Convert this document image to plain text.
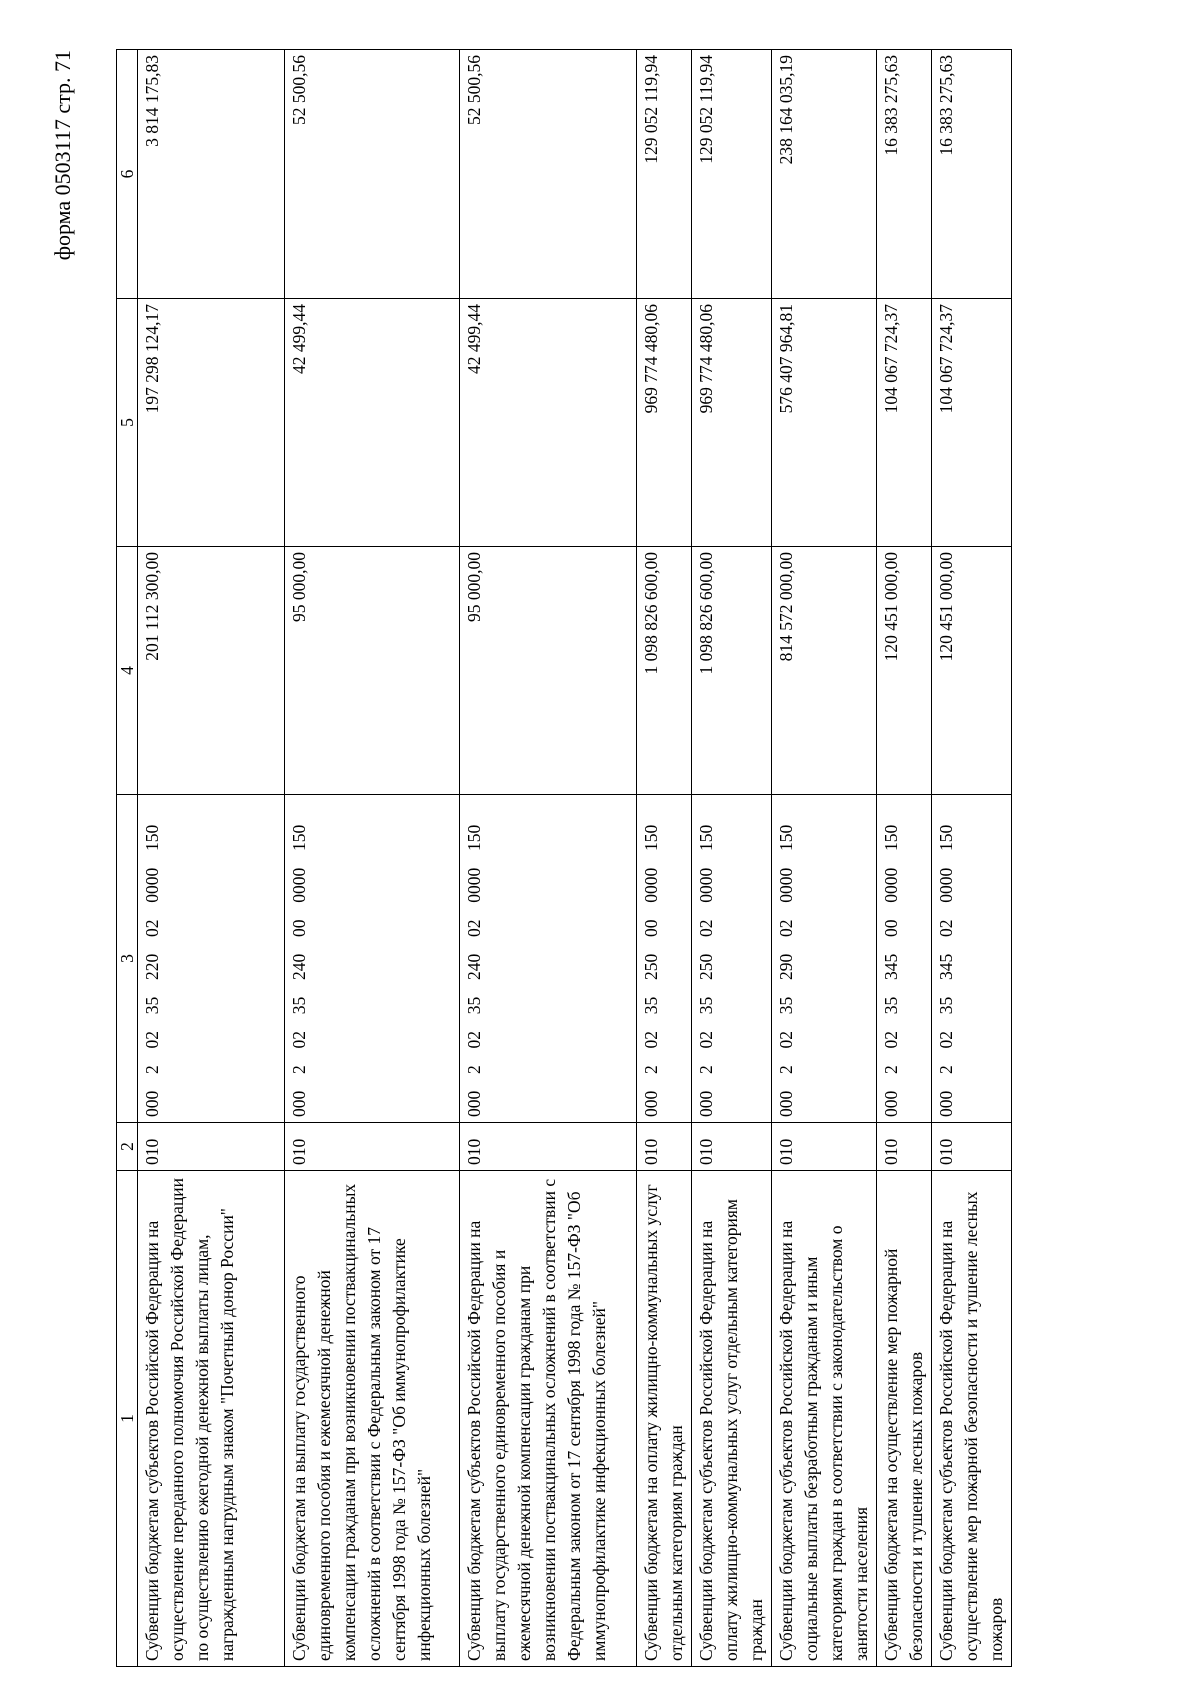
форма 0503117 стр. 71
1	2	3	4	5	6
Субвенции бюджетам субъектов Российской Федерации на осуществление переданного полномочия Российской Федерации по осуществлению ежегодной денежной выплаты лицам, награжденным нагрудным знаком "Почетный донор России"	010	000  2  02  35  220  02  0000  150	201 112 300,00	197 298 124,17	3 814 175,83
Субвенции бюджетам на выплату государственного единовременного пособия и ежемесячной денежной компенсации гражданам при возникновении поствакцинальных осложнений в соответствии с Федеральным законом от 17 сентября 1998 года № 157-ФЗ "Об иммунопрофилактике инфекционных болезней"	010	000  2  02  35  240  00  0000  150	95 000,00	42 499,44	52 500,56
Субвенции бюджетам субъектов Российской Федерации на выплату государственного единовременного пособия и ежемесячной денежной компенсации гражданам при возникновении поствакцинальных осложнений в соответствии с Федеральным законом от 17 сентября 1998 года № 157-ФЗ "Об иммунопрофилактике инфекционных болезней"	010	000  2  02  35  240  02  0000  150	95 000,00	42 499,44	52 500,56
Субвенции бюджетам на оплату жилищно-коммунальных услуг отдельным категориям граждан	010	000  2  02  35  250  00  0000  150	1 098 826 600,00	969 774 480,06	129 052 119,94
Субвенции бюджетам субъектов Российской Федерации на оплату жилищно-коммунальных услуг отдельным категориям граждан	010	000  2  02  35  250  02  0000  150	1 098 826 600,00	969 774 480,06	129 052 119,94
Субвенции бюджетам субъектов Российской Федерации на социальные выплаты безработным гражданам и иным категориям граждан в соответствии с законодательством о занятости населения	010	000  2  02  35  290  02  0000  150	814 572 000,00	576 407 964,81	238 164 035,19
Субвенции бюджетам на осуществление мер пожарной безопасности и тушение лесных пожаров	010	000  2  02  35  345  00  0000  150	120 451 000,00	104 067 724,37	16 383 275,63
Субвенции бюджетам субъектов Российской Федерации на осуществление мер пожарной безопасности и тушение лесных пожаров	010	000  2  02  35  345  02  0000  150	120 451 000,00	104 067 724,37	16 383 275,63
